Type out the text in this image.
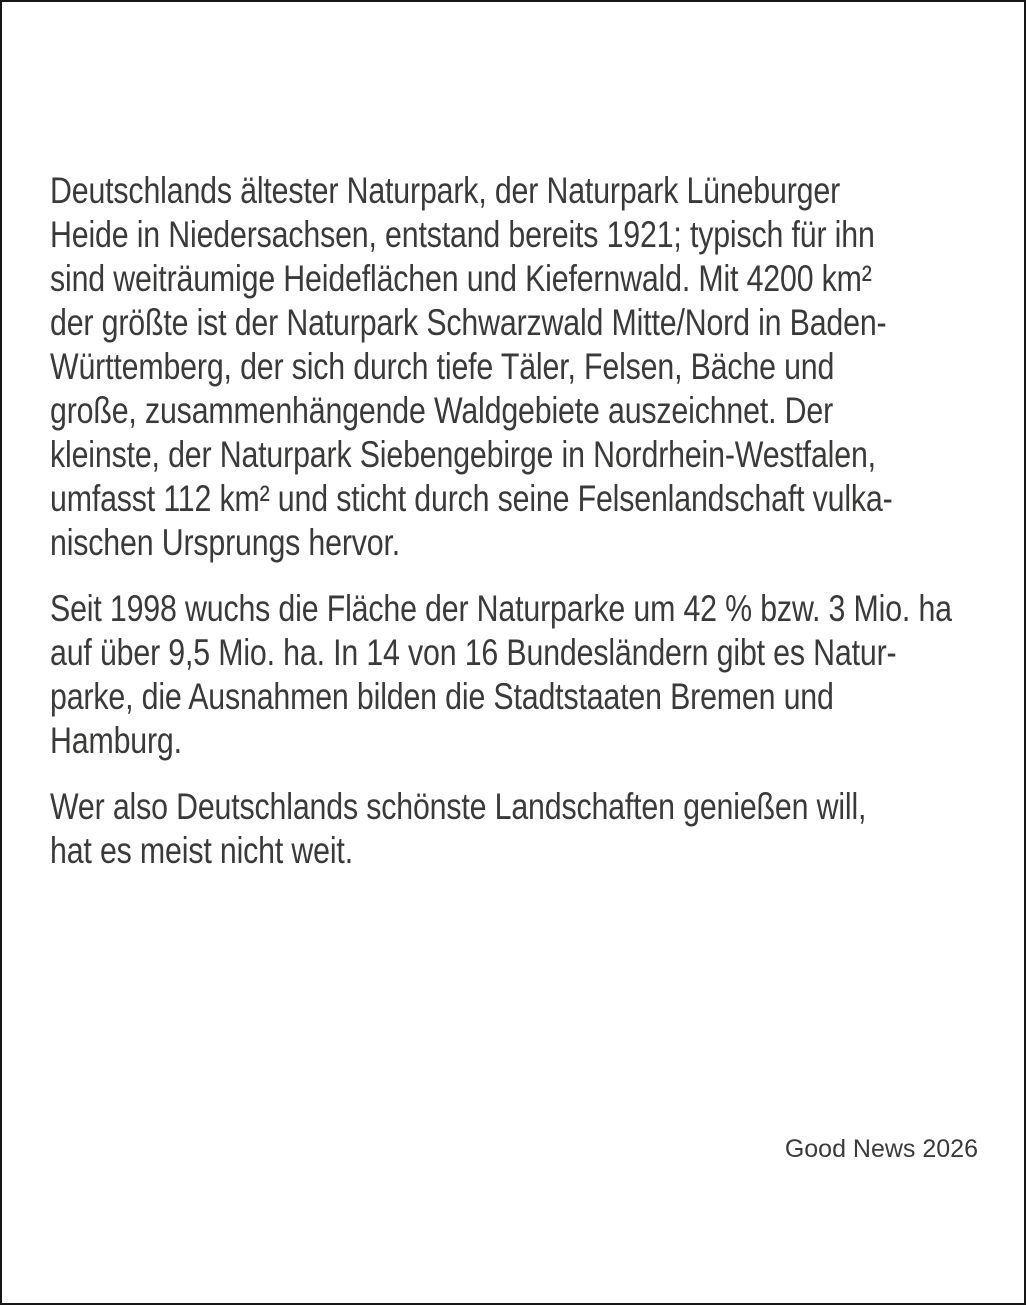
Deutschlands ältester Naturpark, der Naturpark Lüneburger
Heide in Niedersachsen, entstand bereits 1921; typisch für ihn
sind weiträumige Heideflächen und Kiefernwald. Mit 4200 km²
der größte ist der Naturpark Schwarzwald Mitte/Nord in Baden-
Württemberg, der sich durch tiefe Täler, Felsen, Bäche und
große, zusammenhängende Waldgebiete auszeichnet. Der
kleinste, der Naturpark Siebengebirge in Nordrhein-Westfalen,
umfasst 112 km² und sticht durch seine Felsenlandschaft vulka-
nischen Ursprungs hervor.
Seit 1998 wuchs die Fläche der Naturparke um 42 % bzw. 3 Mio. ha
auf über 9,5 Mio. ha. In 14 von 16 Bundesländern gibt es Natur-
parke, die Ausnahmen bilden die Stadtstaaten Bremen und
Hamburg.
Wer also Deutschlands schönste Landschaften genießen will,
hat es meist nicht weit.
Good News 2026
